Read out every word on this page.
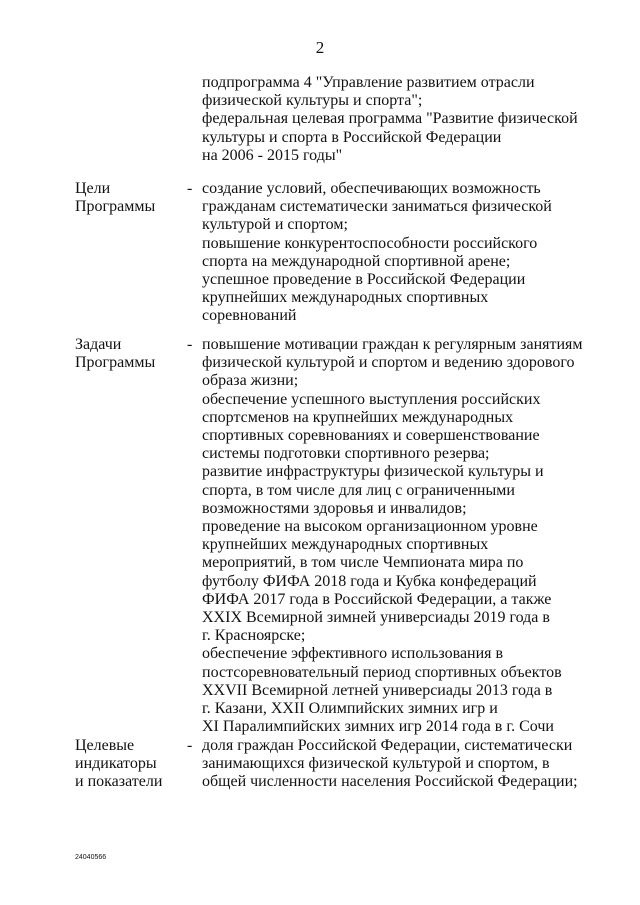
2
подпрограмма 4 "Управление развитием отрасли
физической культуры и спорта";
федеральная целевая программа "Развитие физической
культуры и спорта в Российской Федерации
на 2006 - 2015 годы"
Цели
Программы
- создание условий, обеспечивающих возможность
гражданам систематически заниматься физической
культурой и спортом;
повышение конкурентоспособности российского
спорта на международной спортивной арене;
успешное проведение в Российской Федерации
крупнейших международных спортивных
соревнований
Задачи
Программы
- повышение мотивации граждан к регулярным занятиям
физической культурой и спортом и ведению здорового
образа жизни;
обеспечение успешного выступления российских
спортсменов на крупнейших международных
спортивных соревнованиях и совершенствование
системы подготовки спортивного резерва;
развитие инфраструктуры физической культуры и
спорта, в том числе для лиц с ограниченными
возможностями здоровья и инвалидов;
проведение на высоком организационном уровне
крупнейших международных спортивных
мероприятий, в том числе Чемпионата мира по
футболу ФИФА 2018 года и Кубка конфедераций
ФИФА 2017 года в Российской Федерации, а также
XXIX Всемирной зимней универсиады 2019 года в
г. Красноярске;
обеспечение эффективного использования в
постсоревновательный период спортивных объектов
XXVII Всемирной летней универсиады 2013 года в
г. Казани, XXII Олимпийских зимних игр и
XI Паралимпийских зимних игр 2014 года в г. Сочи
Целевые
индикаторы
и показатели
- доля граждан Российской Федерации, систематически
занимающихся физической культурой и спортом, в
общей численности населения Российской Федерации;
24040566
